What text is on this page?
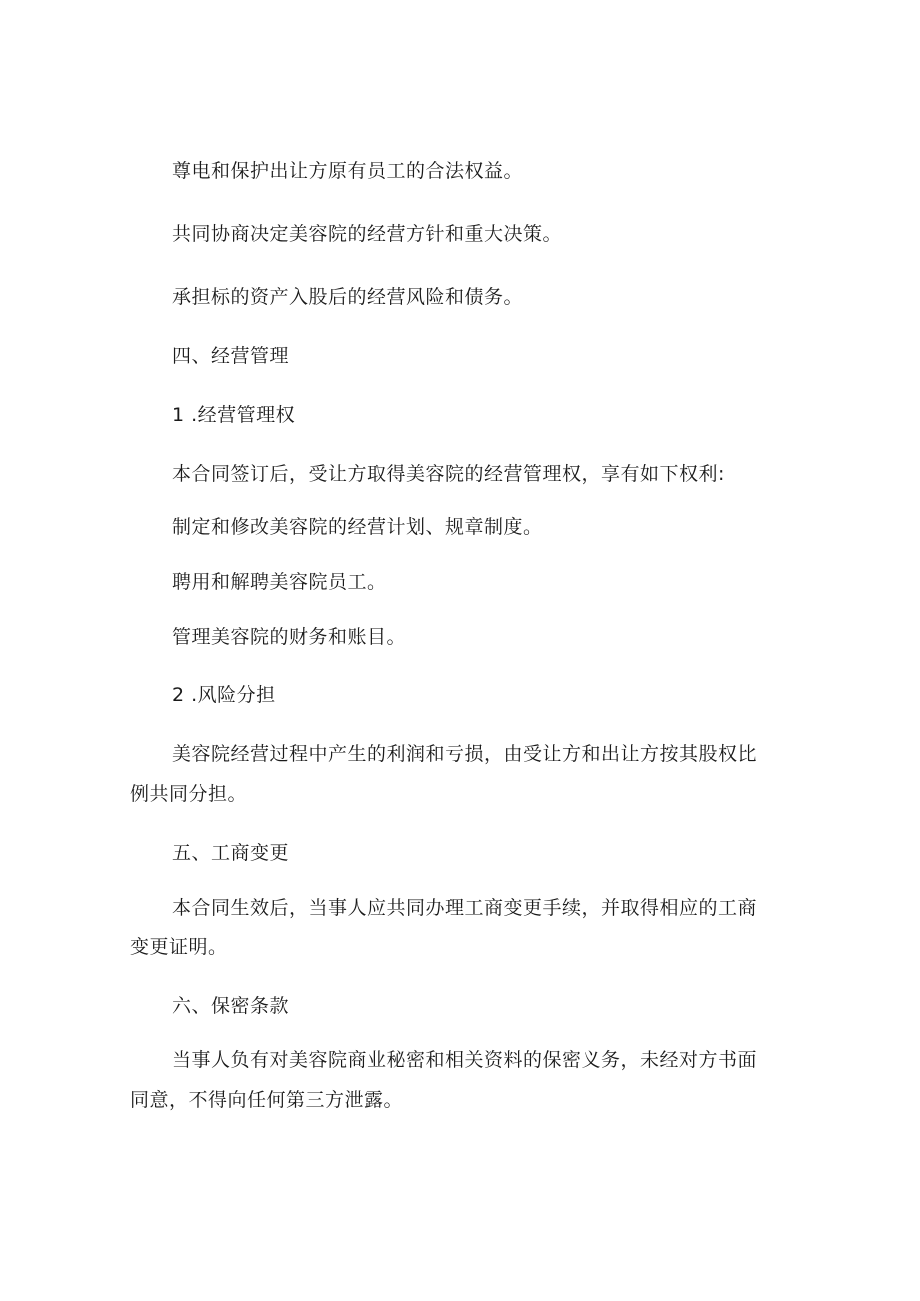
尊电和保护出让方原有员工的合法权益。
共同协商决定美容院的经营方针和重大决策。
承担标的资产入股后的经营风险和债务。
四、经营管理
1 .经营管理权
本合同签订后，受让方取得美容院的经营管理权，享有如下权利:
制定和修改美容院的经营计划、规章制度。
聘用和解聘美容院员工。
管理美容院的财务和账目。
2 .风险分担
美容院经营过程中产生的利润和亏损，由受让方和出让方按其股权比
例共同分担。
五、工商变更
本合同生效后，当事人应共同办理工商变更手续，并取得相应的工商
变更证明。
六、保密条款
当事人负有对美容院商业秘密和相关资料的保密义务，未经对方书面
同意，不得向任何第三方泄露。
